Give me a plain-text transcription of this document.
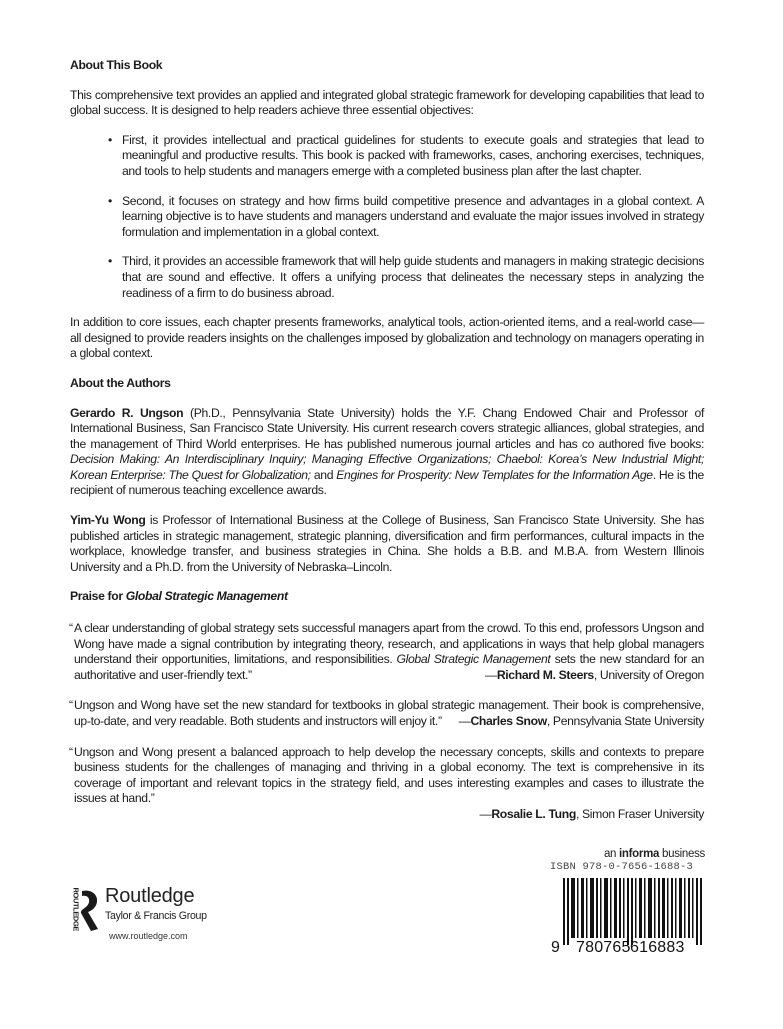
About This Book

This comprehensive text provides an applied and integrated global strategic framework for developing capabilities that lead to global success. It is designed to help readers achieve three essential objectives:

• First, it provides intellectual and practical guidelines for students to execute goals and strategies that lead to meaningful and productive results. This book is packed with frameworks, cases, anchoring exercises, techniques, and tools to help students and managers emerge with a completed business plan after the last chapter.
• Second, it focuses on strategy and how firms build competitive presence and advantages in a global context. A learning objective is to have students and managers understand and evaluate the major issues involved in strategy formulation and implementation in a global context.
• Third, it provides an accessible framework that will help guide students and managers in making strategic decisions that are sound and effective. It offers a unifying process that delineates the necessary steps in analyzing the readiness of a firm to do business abroad.

In addition to core issues, each chapter presents frameworks, analytical tools, action-oriented items, and a real-world case—all designed to provide readers insights on the challenges imposed by globalization and technology on managers operating in a global context.

About the Authors

Gerardo R. Ungson (Ph.D., Pennsylvania State University) holds the Y.F. Chang Endowed Chair and Professor of International Business, San Francisco State University. His current research covers strategic alliances, global strategies, and the management of Third World enterprises. He has published numerous journal articles and has co authored five books: Decision Making: An Interdisciplinary Inquiry; Managing Effective Organizations; Chaebol: Korea’s New Industrial Might; Korean Enterprise: The Quest for Globalization; and Engines for Prosperity: New Templates for the Information Age. He is the recipient of numerous teaching excellence awards.

Yim-Yu Wong is Professor of International Business at the College of Business, San Francisco State University. She has published articles in strategic management, strategic planning, diversification and firm performances, cultural impacts in the workplace, knowledge transfer, and business strategies in China. She holds a B.B. and M.B.A. from Western Illinois University and a Ph.D. from the University of Nebraska–Lincoln.

Praise for Global Strategic Management
“ A clear understanding of global strategy sets successful managers apart from the crowd. To this end, professors Ungson and Wong have made a signal contribution by integrating theory, research, and applications in ways that help global managers understand their opportunities, limitations, and responsibilities. Global Strategic Management sets the new standard for an authoritative and user-friendly text.”	—Richard M. Steers, University of Oregon
“ Ungson and Wong have set the new standard for textbooks in global strategic management. Their book is comprehensive, up-to-date, and very readable. Both students and instructors will enjoy it.” —Charles Snow, Pennsylvania State University
“ Ungson and Wong present a balanced approach to help develop the necessary concepts, skills and contexts to prepare business students for the challenges of managing and thriving in a global economy. The text is comprehensive in its coverage of important and relevant topics in the strategy field, and uses interesting examples and cases to illustrate the issues at hand.”
—Rosalie L. Tung, Simon Fraser University
ROUTLEDGE Routledge
Taylor & Francis Group
www.routledge.com
an informa business
ISBN 978-0-7656-1688-3

9

780765

616883
